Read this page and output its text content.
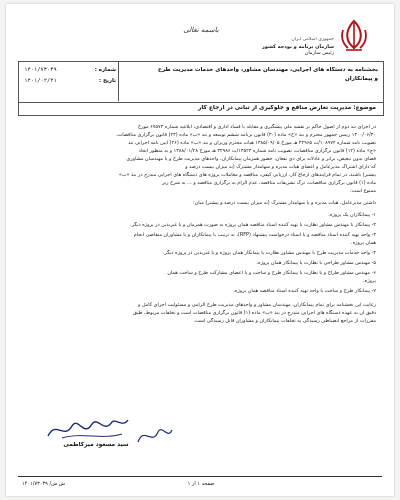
جمهوری اسلامی ایران
سازمان برنامه و بودجه کشور
رئیس سازمان
باسمه تعالی
بخشنامه به دستگاه های اجرایی، مهندسان مشاور، واحدهای خدمات مدیریت طرح
و پیمانکاران
شماره : ۱۴۰۱/۷۳۰۳۹
تاریخ : ۱۴۰۱/۰۲/۲۱
موضوع: مدیریت تعارض منافع و جلوگیری از تبانی در ارجاع کار
در اجرای بند دوم از اصول حاکم بر نقشه ملی پیشگیری و مقابله با فساد اداری و اقتصادی، ابلاغیه شماره ۶۷۵۷۴ مورخ
۱۴۰۰/۰۶/۳۰ رییس جمهور محترم و بند «ح» ماده (۳۰) قانون برنامه ششم توسعه و بند «ب» ماده (۲۳) قانون برگزاری مناقصات،
تصویب نامه شماره ۱۰۸۹۷۲/ت ۴۲۹۶۵ هـ مورخ ۱۳۸۵/۰۹/۰۵ هیأت محترم وزیران و بند «ب» ماده (۲۶) آیین نامه اجرایی بند
«ج» ماده (۱۲) قانون برگزاری مناقصات، تصویب نامه شماره ۱۳۵۲۴/ت ۴۲۹۸۶ هـ مورخ ۱۳۸۸/۰۱/۲۸ و به منظور ایجاد
فضای بدون تبعیض، برابر و عادلانه برای ذی نفعان، حضور همزمان پیمانکاران، واحدهای مدیریت طرح و یا مهندسان مشاوری
که دارای اشتراک مدیرعامل و اعضای هیأت مدیره و سهامدار مشترک (به میزان بیست درصد و
بیشتر) باشند، در تمام فرآیندهای ارجاع کار، ارزیابی کیفی، مناقصه و معاملات پروژه های دستگاه های اجرایی مندرج در بند «ب»
ماده (۱) قانون برگزاری مناقصات، ترک تشریفات مناقصه، عدم الزام به برگزاری مناقصه و ... به شرح زیر
ممنوع است:
داشتن مدیرعامل، هیأت مدیره و یا سهامدار مشترک (به میزان بیست درصد و بیشتر) میان:
۱- پیمانکاران یک پروژه.
۲- پیمانکار با مهندس مشاور نظارت یا تهیه کننده اسناد مناقصه همان پروژه به صورت همزمان و یا غیربدین در پروژه دیگر.
۳- واحد تهیه کننده اسناد مناقصه و یا اسناد درخواست پیشنهاد (RFP)، به ترتیب با پیمانکاران و یا مشاوران متقاضی انجام
همان پروژه.
۴- واحد خدمات مدیریت طرح با مهندس مشاور نظارت یا پیمانکار همان پروژه و یا غیربدین در پروژه دیگر.
۵- مهندس مشاور طراحی با نظارت یا پیمانکار همان پروژه.
۶- مهندس مشاور طراح و یا نظارت یا پیمانکار طرح و ساخت و یا اعضای مشارکت طرح و ساخت همان
پروژه.
۷- پیمانکار طرح و ساخت با واحد تهیه کننده اسناد مناقصه همان پروژه.
رعایت این بخشنامه برای تمام پیمانکاران، مهندسان مشاور و واحدهای مدیریت طرح الزامی و مسئولیت اجرای کامل و
دقیق آن به عهده دستگاه های اجرایی مندرج در بند «ب» ماده (۱) قانون برگزاری مناقصات است و تخلفات مربوط، طبق
مقررات از مراجع انضباطی رسیدگی به تخلفات پیمانکاران و مشاوران قابل رسیدگی است.
سید مسعود میرکاظمی
ش ش/ ۱۴۰۱/۷۳۰۳۹	صفحه ۱ از ۱
